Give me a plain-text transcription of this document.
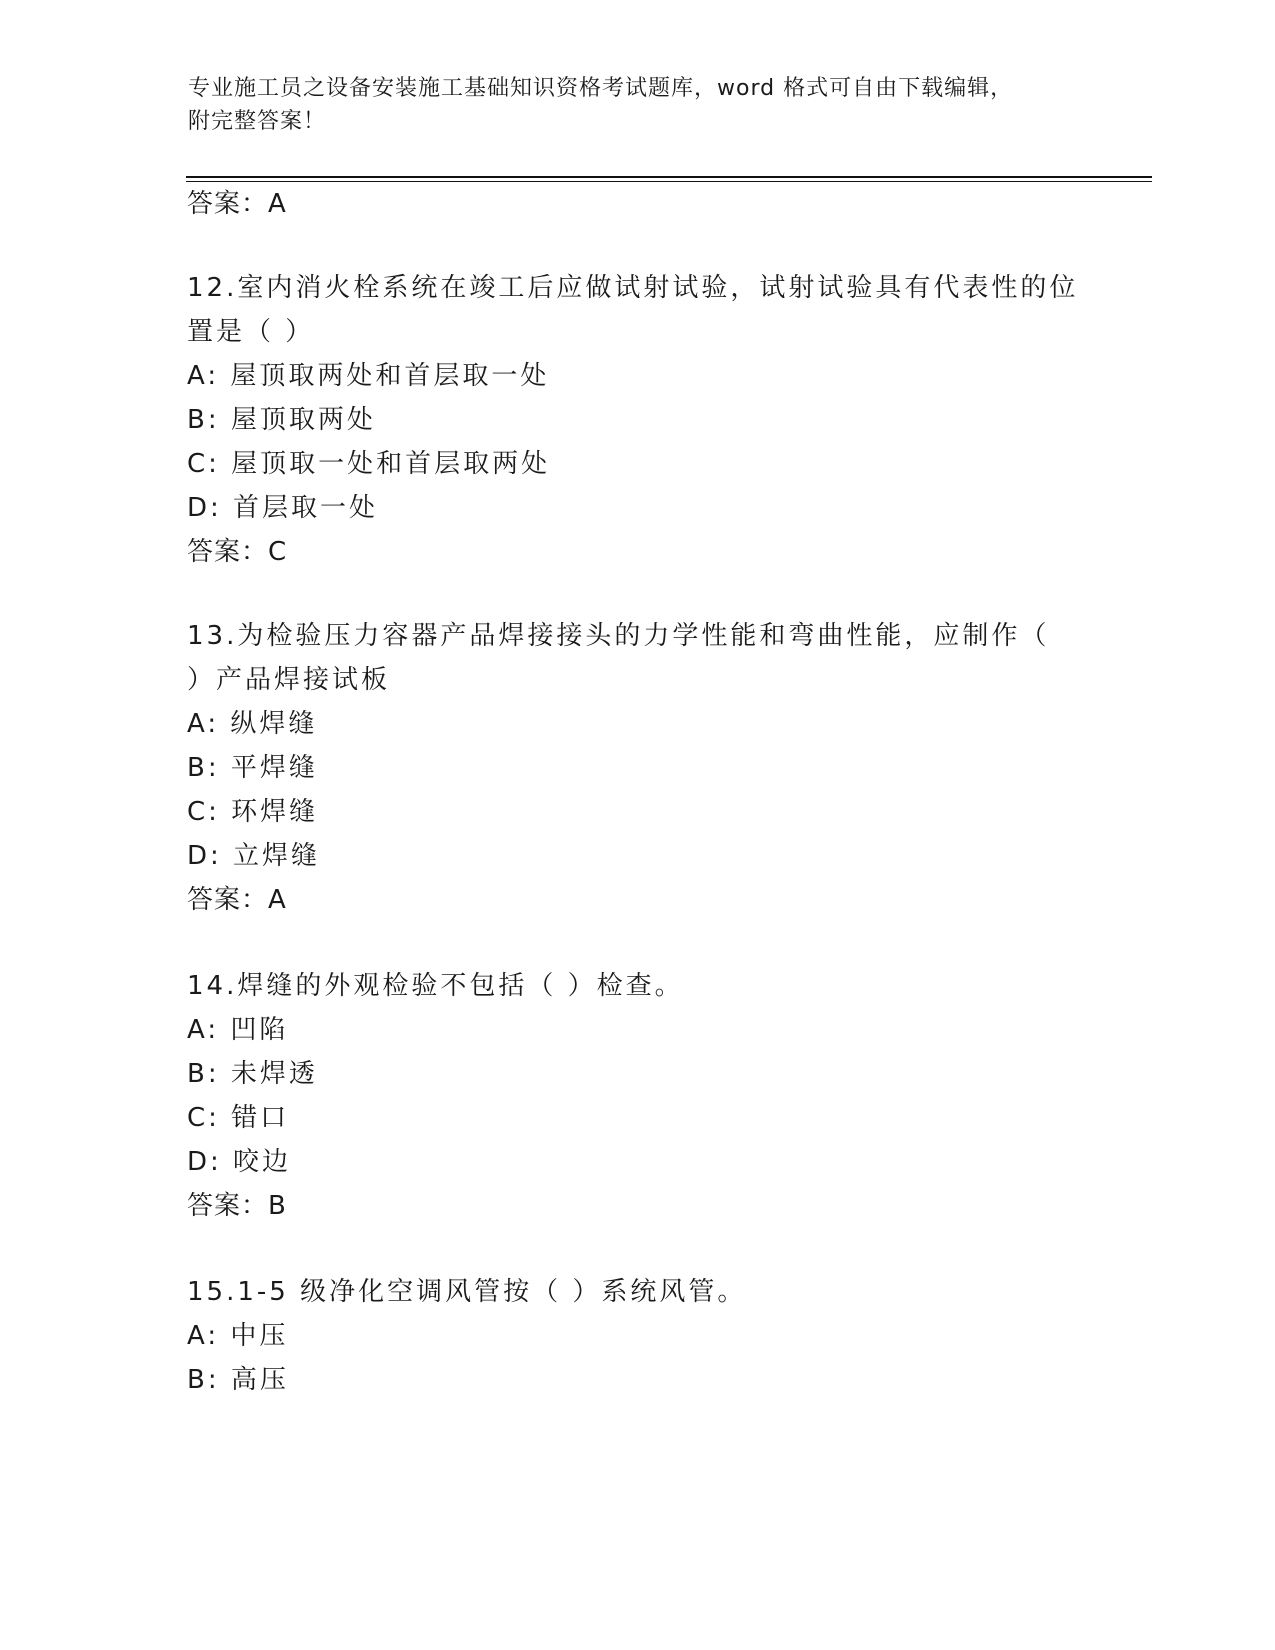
专业施工员之设备安装施工基础知识资格考试题库，word 格式可自由下载编辑，
附完整答案！
答案：A
12.室内消火栓系统在竣工后应做试射试验，试射试验具有代表性的位
置是（ ）
A: 屋顶取两处和首层取一处
B: 屋顶取两处
C: 屋顶取一处和首层取两处
D: 首层取一处
答案：C
13.为检验压力容器产品焊接接头的力学性能和弯曲性能，应制作（
）产品焊接试板
A: 纵焊缝
B: 平焊缝
C: 环焊缝
D: 立焊缝
答案：A
14.焊缝的外观检验不包括（ ）检查。
A: 凹陷
B: 未焊透
C: 错口
D: 咬边
答案：B
15.1-5 级净化空调风管按（ ）系统风管。
A: 中压
B: 高压
